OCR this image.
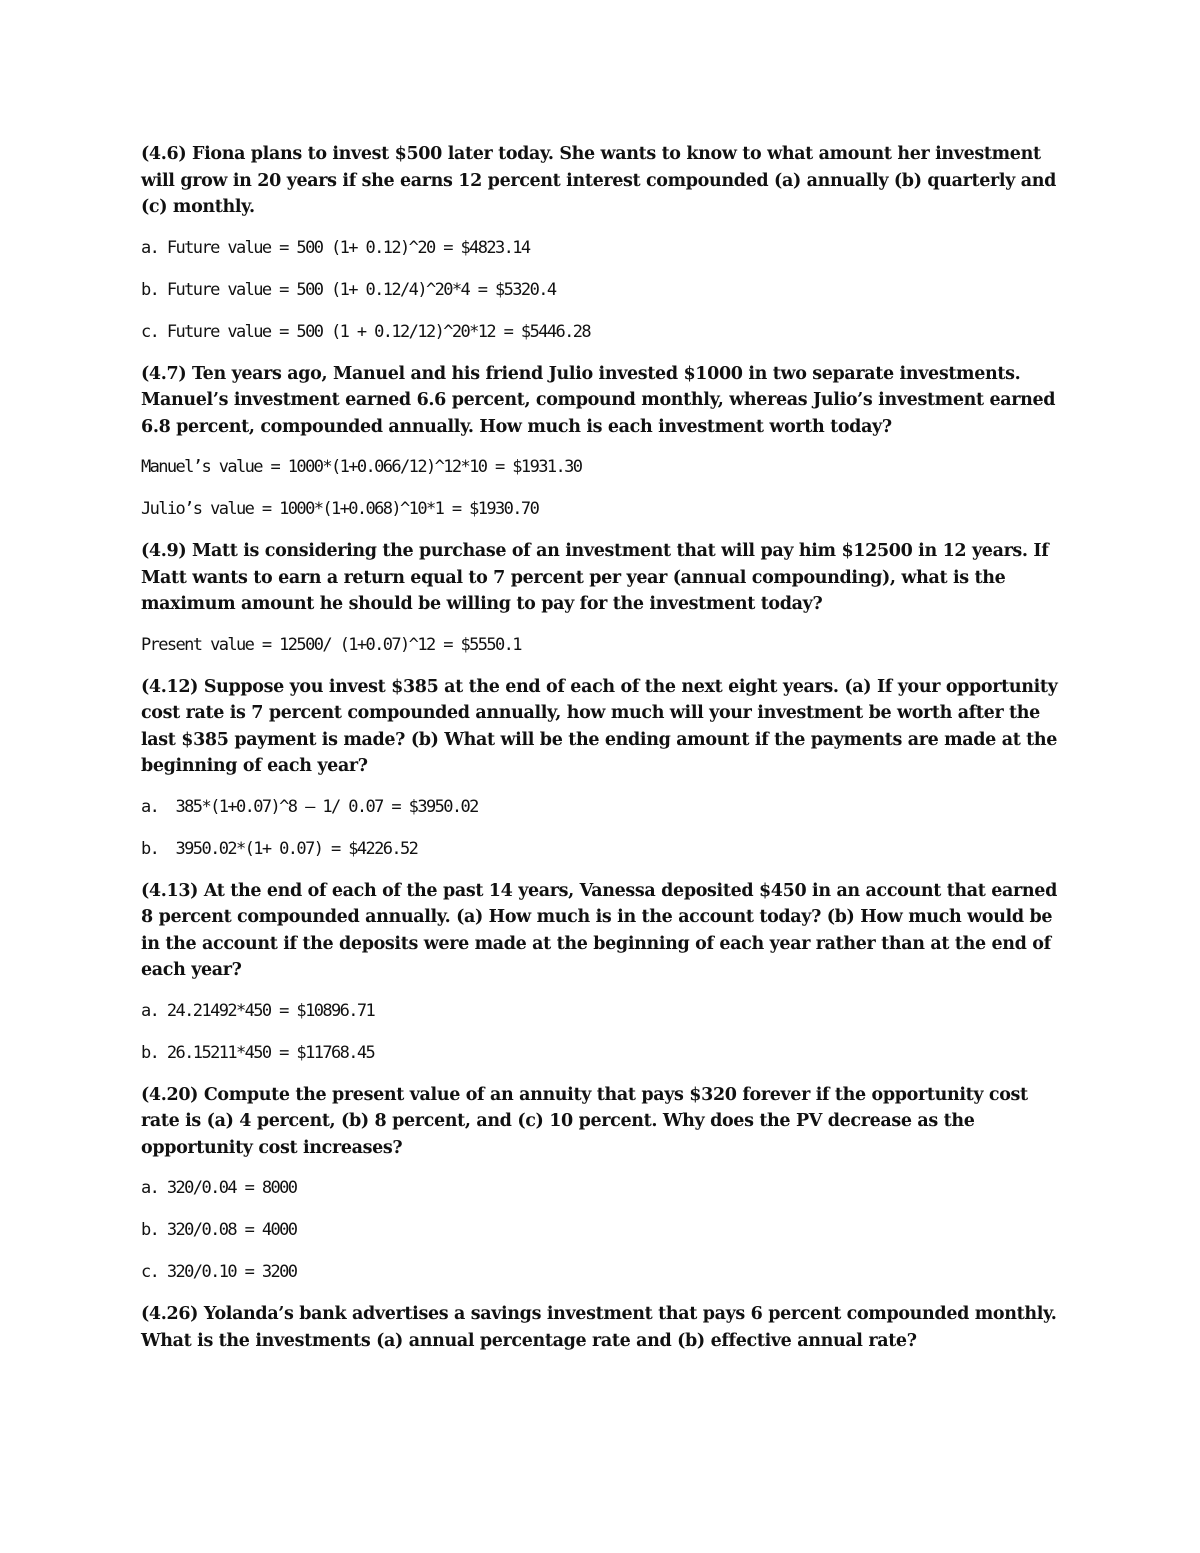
(4.6) Fiona plans to invest $500 later today. She wants to know to what amount her investment will grow in 20 years if she earns 12 percent interest compounded (a) annually (b) quarterly and (c) monthly.

a. Future value = 500 (1+ 0.12)^20 = $4823.14

b. Future value = 500 (1+ 0.12/4)^20*4 = $5320.4

c. Future value = 500 (1 + 0.12/12)^20*12 = $5446.28

(4.7) Ten years ago, Manuel and his friend Julio invested $1000 in two separate investments. Manuel’s investment earned 6.6 percent, compound monthly, whereas Julio’s investment earned 6.8 percent, compounded annually. How much is each investment worth today?

Manuel’s value = 1000*(1+0.066/12)^12*10 = $1931.30

Julio’s value = 1000*(1+0.068)^10*1 = $1930.70

(4.9) Matt is considering the purchase of an investment that will pay him $12500 in 12 years. If Matt wants to earn a return equal to 7 percent per year (annual compounding), what is the maximum amount he should be willing to pay for the investment today?

Present value = 12500/ (1+0.07)^12 = $5550.1

(4.12) Suppose you invest $385 at the end of each of the next eight years. (a) If your opportunity cost rate is 7 percent compounded annually, how much will your investment be worth after the last $385 payment is made? (b) What will be the ending amount if the payments are made at the beginning of each year?

a.  385*(1+0.07)^8 – 1/ 0.07 = $3950.02

b.  3950.02*(1+ 0.07) = $4226.52

(4.13) At the end of each of the past 14 years, Vanessa deposited $450 in an account that earned 8 percent compounded annually. (a) How much is in the account today? (b) How much would be in the account if the deposits were made at the beginning of each year rather than at the end of each year?

a. 24.21492*450 = $10896.71

b. 26.15211*450 = $11768.45

(4.20) Compute the present value of an annuity that pays $320 forever if the opportunity cost rate is (a) 4 percent, (b) 8 percent, and (c) 10 percent. Why does the PV decrease as the opportunity cost increases?

a. 320/0.04 = 8000

b. 320/0.08 = 4000

c. 320/0.10 = 3200

(4.26) Yolanda’s bank advertises a savings investment that pays 6 percent compounded monthly. What is the investments (a) annual percentage rate and (b) effective annual rate?
